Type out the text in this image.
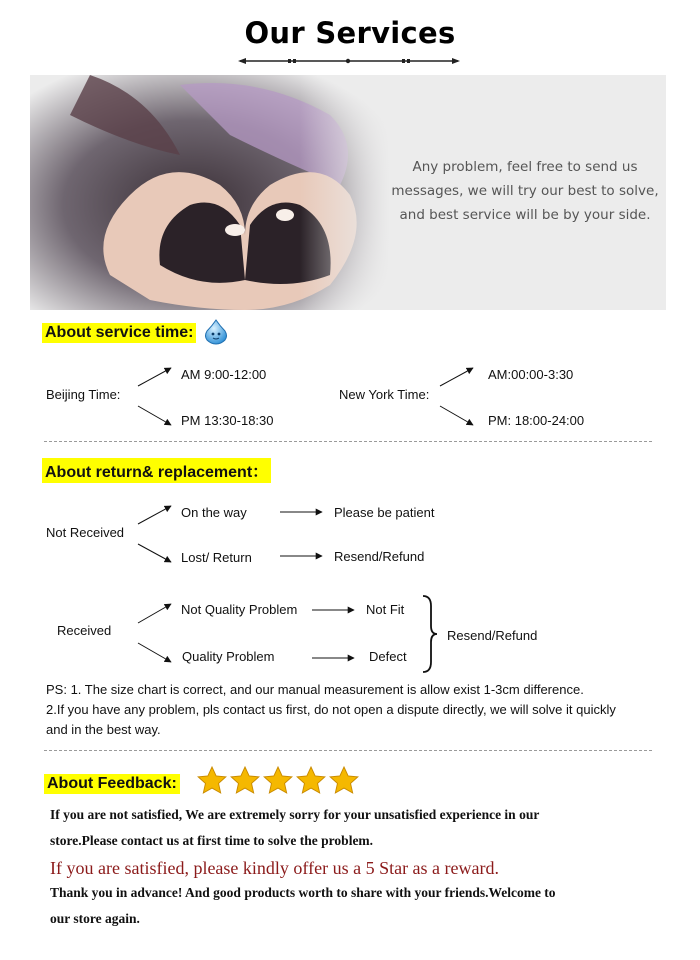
Our Services
Any problem, feel free to send us
messages, we will try our best to solve,
and best service will be by your side.
About service time:
Beijing Time:
AM 9:00-12:00
PM 13:30-18:30
New York Time:
AM:00:00-3:30
PM: 18:00-24:00
About return& replacement：
Not Received
On the way	Please be patient
Lost/ Return	Resend/Refund
Received
Not Quality Problem	Not Fit
Quality Problem	Defect
Resend/Refund
PS: 1. The size chart is correct, and our manual measurement is allow exist 1-3cm difference.
2.If you have any problem, pls contact us first, do not open a dispute directly, we will solve it quickly
and in the best way.
About Feedback:
If you are not satisfied, We are extremely sorry for your unsatisfied experience in our
store.Please contact us at first time to solve the problem.
If you are satisfied, please kindly offer us a 5 Star as a reward.
Thank you in advance! And good products worth to share with your friends.Welcome to
our store again.
